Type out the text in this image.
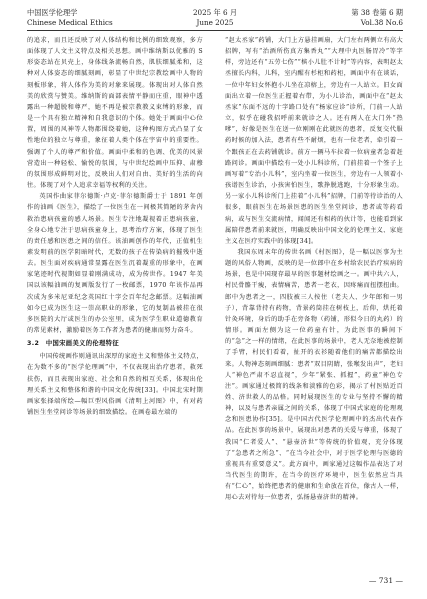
中国医学伦理学
Chinese Medical Ethics
2025 年 6 月
June 2025
第 38 卷第 6 期
Vol.38 No.6

的追求，而且还反映了对人体结构和比例的细致观察，多方面体现了人文主义特点及相关思想。画中维纳斯以优雅的 S 形姿态站在贝壳上，身体线条流畅自然，肌肤细腻柔和，这种对人体姿态的细腻刻画，彰显了中世纪宗教绘画中人物的刻板形象，将人体作为美的对象来展现。体现出对人体自然美的欣赏与赞美。维纳斯的面部表情平静而庄重，眼神中透露出一种超脱和尊严，她不再是被宗教教义束缚的形象，而是一个具有独立精神和自我意识的个体。她处于画面中心位置，周围的风神等人物都围绕着她，这种构图方式凸显了女性地位的独立与尊重，象征着人类个体在宇宙中的重要性。强调了个人的尊严和价值。画面中柔和的色调、优美的风景营造出一种轻松、愉悦的氛围，与中世纪绘画中压抑、肃穆的氛围形成鲜明对比，反映出人们对自由、美好的生活的向往。体现了对个人追求幸福等权利的关注。

英国作曲家菲尔德斯·卢克·菲尔德斯爵士于 1891 年创作的油画《医生》，描绘了一位医生在一间极其简陋的茅舍内救治患病孩童的感人场景。医生专注地凝视着正患病孩童，全身心地专注于思病孩童身上，思考治疗方案，体现了医生的责任感和医患之间的信任。该油画创作的年代，正值机生素发明前的医学阴暗时代，无数的孩子在传染病的摧残中逝去。医生面对疾病通常显露在医生沉着凝重的形象中，在画家笔迹时代视期如显着刚满成功，成为传世作。1947 年美国以该幅油画的复画版发行了一枚邮票，1970 年该作品再次成为多米尼亚纪念英国红十字会百年纪念邮票。这幅油画如今已成为医生这一崇高职业的形象，它的复制品被挂在很多医院的大厅或医生的办公室里，成为医学生职业道德教育的常见素材，激励着医务工作者为患者的健康而努力奋斗。

3.2　中国宋画美义的伦理特征

中国传统画作则通讯出深厚的家庭主义和整体主义特点，在为数不多的“医学伦理画”中，不仅表现出治疗患者，救死扶伤，而且表现出家庭、社会和自然的相互关系，体现出伦理关系主义和整体和谐的中国文化传统[33]。中国北宋时期画家张择端所绘—幅巨型风俗画《清明上河图》中，有对药铺医生坐堂问诊等场景的细致描绘。在画卷最左端的

“赵太丞家”药铺，大门上方悬挂画扇，大门左右两侧立有高大招牌，写有“治酒所伤真方集香丸”“大理中丸医肠胃冷”等字样，旁边还有“五劳七伤”“槟小儿肚不计时”等内容，表明赵太丞擅长内科，儿科，室内醒有杉柜和药柜，画面中有在谈话，一位中年妇女怀抱小儿坐在凉榕上，旁边有一人站立。旧女面面出立着一位医生正握着右带，为小儿诊治，画面中在“赵太丞家”东面不远的十字路口处有“杨家应诊”诊所，门前一人站立，似乎在碰我招呼前来就诊之人。还有两人在大门外“热嗲”，好像是医生在送一位刚刚在此就医的患者，反复交代服药时候的加入法，患者有些不耐烦，也有一位老者，牵引着一个跟孩正在去药铺就诊。前方一辆马车拉着一位病童者急着赶路问诊。画面中描绘有一处小儿科诊所，门前挂着一个签子上画写着“专治小儿科”，室内坐着一位医生，旁边有一人领着小孩谱医生诊治，小孩害怕医生，歌挣脱逃跑，十分形象生动。另一家小儿科诊所门上挂着“小儿科”招牌，门前等待诊治的人很多，眼前医生在场景医患的医生坐堂问诊，患者或等药看病，或与医生交流病情，闻闻还有相药的伙计等，也能看到家属陪伴患者前来就医，明确反映出中国文化的伦理主义、家庭主义在医疗实践中的体现[34]。

我国东周末年的传世名画《村医图》，是一幅以医事为主题的风俗人物画，反映的是一位郎中在乡村给农民治疗疾病的场景，也是中国现存最早的医事题材绘画之一。画中共六人，村民骨骼干瘦，表情痛苦，患者一老衣，因疼痛而扭摆扭曲。郎中为患者之一，四肢被三人按住（老夫人、少年郎和一男子），背靠背持有药物，背景药筒挂在树枝上，后仰，烘托着针灸环境，身后的助手在旁备物（药铺，形似今日的丸药）的情形。画面左侧为这一位药童有针，为此医事的瞬间下的“急”之一样的情绪，在此医事的场景中，老人无奈地被控制了手臂，村民们看着，扯开的衣衫随着他们的痛苦都描绘出来。人物神态刻画细腻：患者“双目阴睛，张喉发出声”，老妇人“神色严肃不忍直视”，少年“紧张、抓握”，药童“神色专注”。画家通过极简的线条和淡雅的色彩，揭示了村医贴近百姓、济世救人的品格。同时展现医生的专业与坚持不懈的精神，以及与患者亲属之间的关系，体现了中国式家庭的伦理观念和医患协作[35]。是中国古代医学伦理画中的杰出代表作品。在此医事的场景中，展现出对患者的关爱与尊重，体现了我国“仁者爱人”、“悬壶济世”等传统的价值观，充分体现了“急患者之所急”、“在当今社会中，对于医学伦理与医德的重视具有重要意义”。此方面中，画家通过这幅作品表达了对当代医生的期许，在当今的医疗环境中，医生依然应当具有“仁心”，始终把患者的健康和生命放在首位，像古人一样，用心去对待每一位患者，弘扬悬壶济世的精神。

— 731 —
